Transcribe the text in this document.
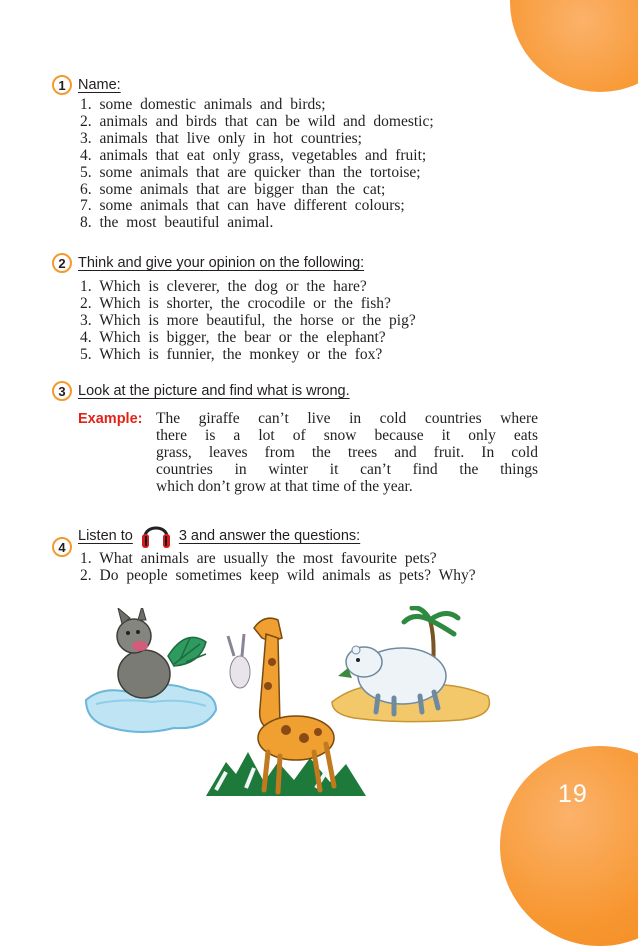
19
1 Name:
1. some domestic animals and birds;
2. animals and birds that can be wild and domestic;
3. animals that live only in hot countries;
4. animals that eat only grass, vegetables and fruit;
5. some animals that are quicker than the tortoise;
6. some animals that are bigger than the cat;
7. some animals that can have different colours;
8. the most beautiful animal.
2 Think and give your opinion on the following:
1. Which is cleverer, the dog or the hare?
2. Which is shorter, the crocodile or the fish?
3. Which is more beautiful, the horse or the pig?
4. Which is bigger, the bear or the elephant?
5. Which is funnier, the monkey or the fox?
3 Look at the picture and find what is wrong.
Example: The giraffe can’t live in cold countries where
there is a lot of snow because it only eats
grass, leaves from the trees and fruit. In cold
countries in winter it can’t find the things
which don’t grow at that time of the year.
4
Listen to	3 and answer the questions:
1. What animals are usually the most favourite pets?
2. Do people sometimes keep wild animals as pets? Why?
